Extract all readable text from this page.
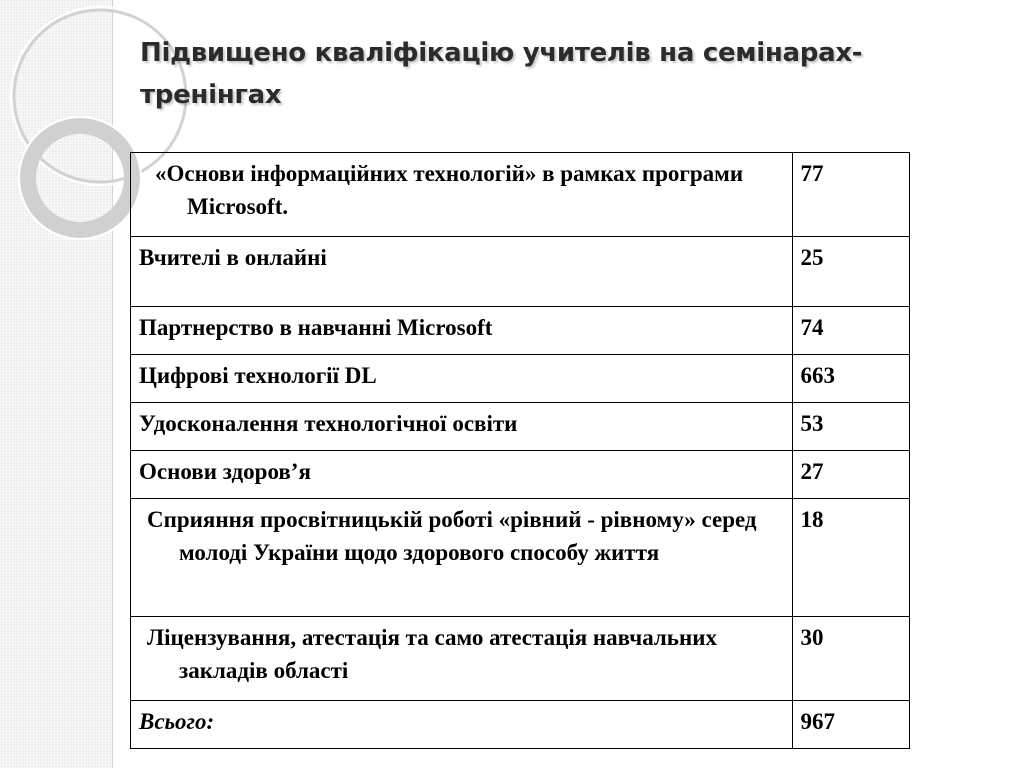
Підвищено кваліфікацію учителів на семінарах-тренінгах
«Основи інформаційних технологій» в рамках програми Microsoft.	77
Вчителі в онлайні	25
Партнерство в навчанні Microsoft	74
Цифрові технології DL	663
Удосконалення технологічної освіти	53
Основи здоров’я	27

Сприяння просвітницькій роботі «рівний - рівному» серед молоді України щодо здорового способу життя	18

Ліцензування, атестація та само атестація навчальних закладів області	30
Всього:	967
